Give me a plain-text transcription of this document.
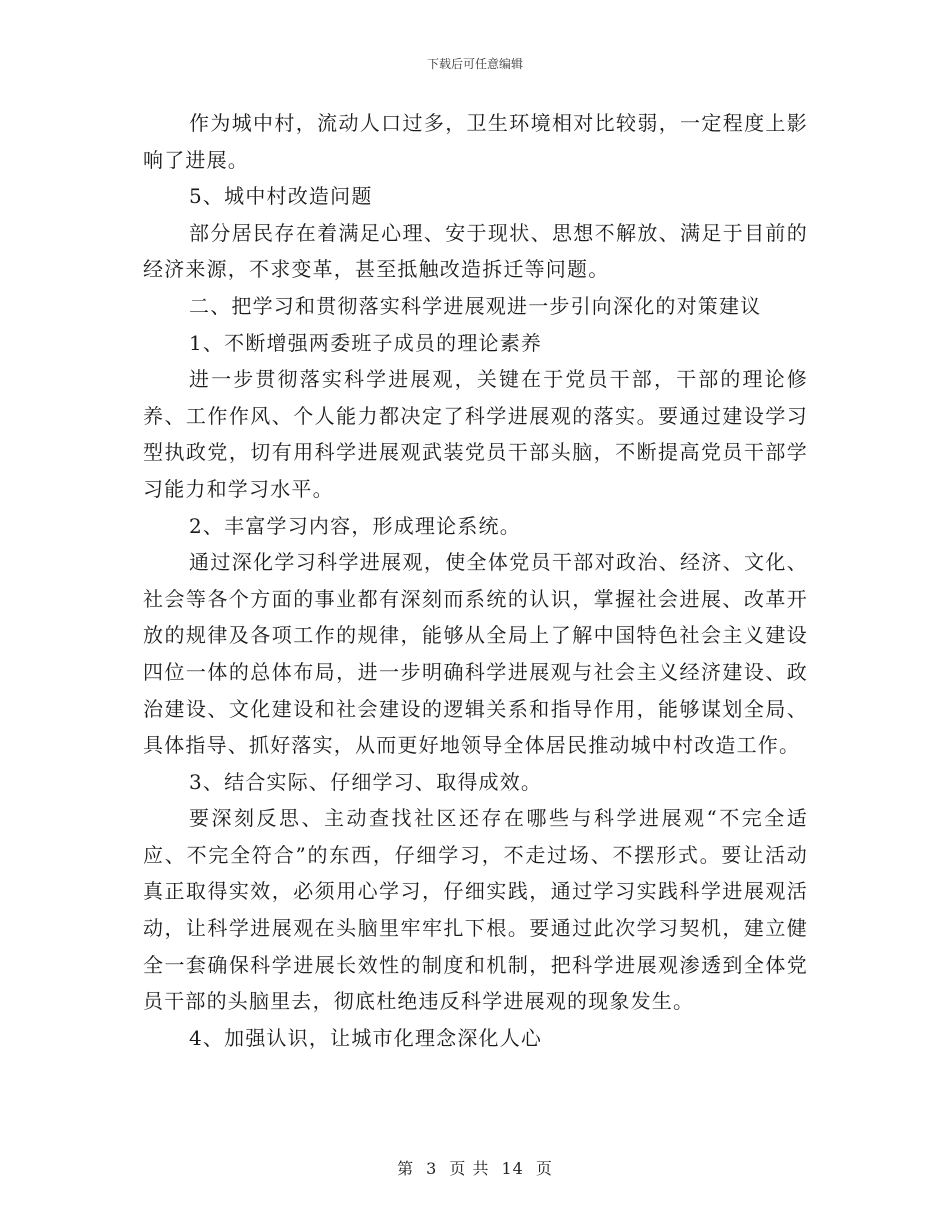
下载后可任意编辑

作为城中村，流动人口过多，卫生环境相对比较弱，一定程度上影响了进展。

5、城中村改造问题

部分居民存在着满足心理、安于现状、思想不解放、满足于目前的经济来源，不求变革，甚至抵触改造拆迁等问题。

二、把学习和贯彻落实科学进展观进一步引向深化的对策建议

1、不断增强两委班子成员的理论素养

进一步贯彻落实科学进展观，关键在于党员干部，干部的理论修养、工作作风、个人能力都决定了科学进展观的落实。要通过建设学习型执政党，切有用科学进展观武装党员干部头脑，不断提高党员干部学习能力和学习水平。

2、丰富学习内容，形成理论系统。

通过深化学习科学进展观，使全体党员干部对政治、经济、文化、社会等各个方面的事业都有深刻而系统的认识，掌握社会进展、改革开放的规律及各项工作的规律，能够从全局上了解中国特色社会主义建设四位一体的总体布局，进一步明确科学进展观与社会主义经济建设、政治建设、文化建设和社会建设的逻辑关系和指导作用，能够谋划全局、具体指导、抓好落实，从而更好地领导全体居民推动城中村改造工作。

3、结合实际、仔细学习、取得成效。

要深刻反思、主动查找社区还存在哪些与科学进展观“不完全适应、不完全符合”的东西，仔细学习，不走过场、不摆形式。要让活动真正取得实效，必须用心学习，仔细实践，通过学习实践科学进展观活动，让科学进展观在头脑里牢牢扎下根。要通过此次学习契机，建立健全一套确保科学进展长效性的制度和机制，把科学进展观渗透到全体党员干部的头脑里去，彻底杜绝违反科学进展观的现象发生。

4、加强认识，让城市化理念深化人心

第 3 页 共 14 页
